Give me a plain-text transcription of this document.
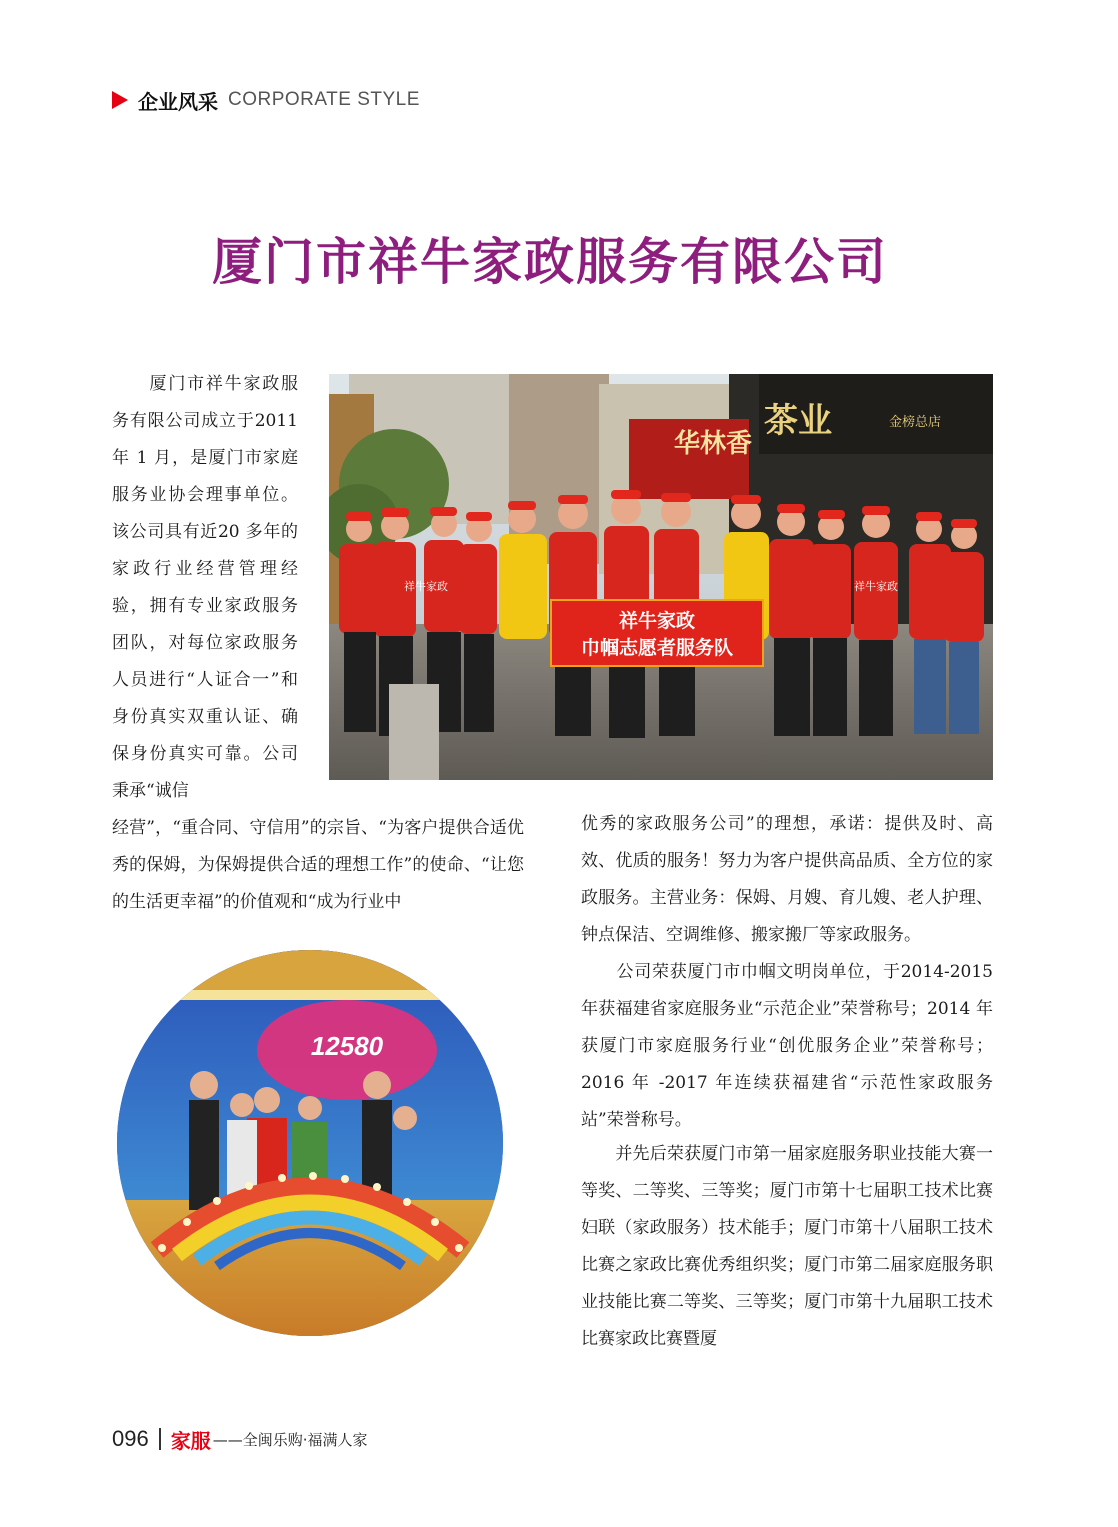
企业风采 CORPORATE STYLE
厦门市祥牛家政服务有限公司

　　厦门市祥牛家政服务有限公司成立于2011 年 1 月，是厦门市家庭服务业协会理事单位。该公司具有近20 多年的家政行业经营管理经验，拥有专业家政服务团队，对每位家政服务人员进行“人证合一”和身份真实双重认证、确保身份真实可靠。公司秉承“诚信

华林香
茶业	金榜总店
祥牛家政
巾帼志愿者服务队
祥牛家政	祥牛家政

经营”，“重合同、守信用”的宗旨、“为客户提供合适优秀的保姆，为保姆提供合适的理想工作”的使命、“让您的生活更幸福”的价值观和“成为行业中

12580

优秀的家政服务公司”的理想，承诺：提供及时、高效、优质的服务！努力为客户提供高品质、全方位的家政服务。主营业务：保姆、月嫂、育儿嫂、老人护理、钟点保洁、空调维修、搬家搬厂等家政服务。

　　公司荣获厦门市巾帼文明岗单位，于2014-2015 年获福建省家庭服务业“示范企业”荣誉称号；2014 年获厦门市家庭服务行业“创优服务企业”荣誉称号；2016 年 -2017 年连续获福建省“示范性家政服务站”荣誉称号。

　　并先后荣获厦门市第一届家庭服务职业技能大赛一等奖、二等奖、三等奖；厦门市第十七届职工技术比赛妇联（家政服务）技术能手；厦门市第十八届职工技术比赛之家政比赛优秀组织奖；厦门市第二届家庭服务职业技能比赛二等奖、三等奖；厦门市第十九届职工技术比赛家政比赛暨厦

096 家服 ——全闽乐购·福满人家
